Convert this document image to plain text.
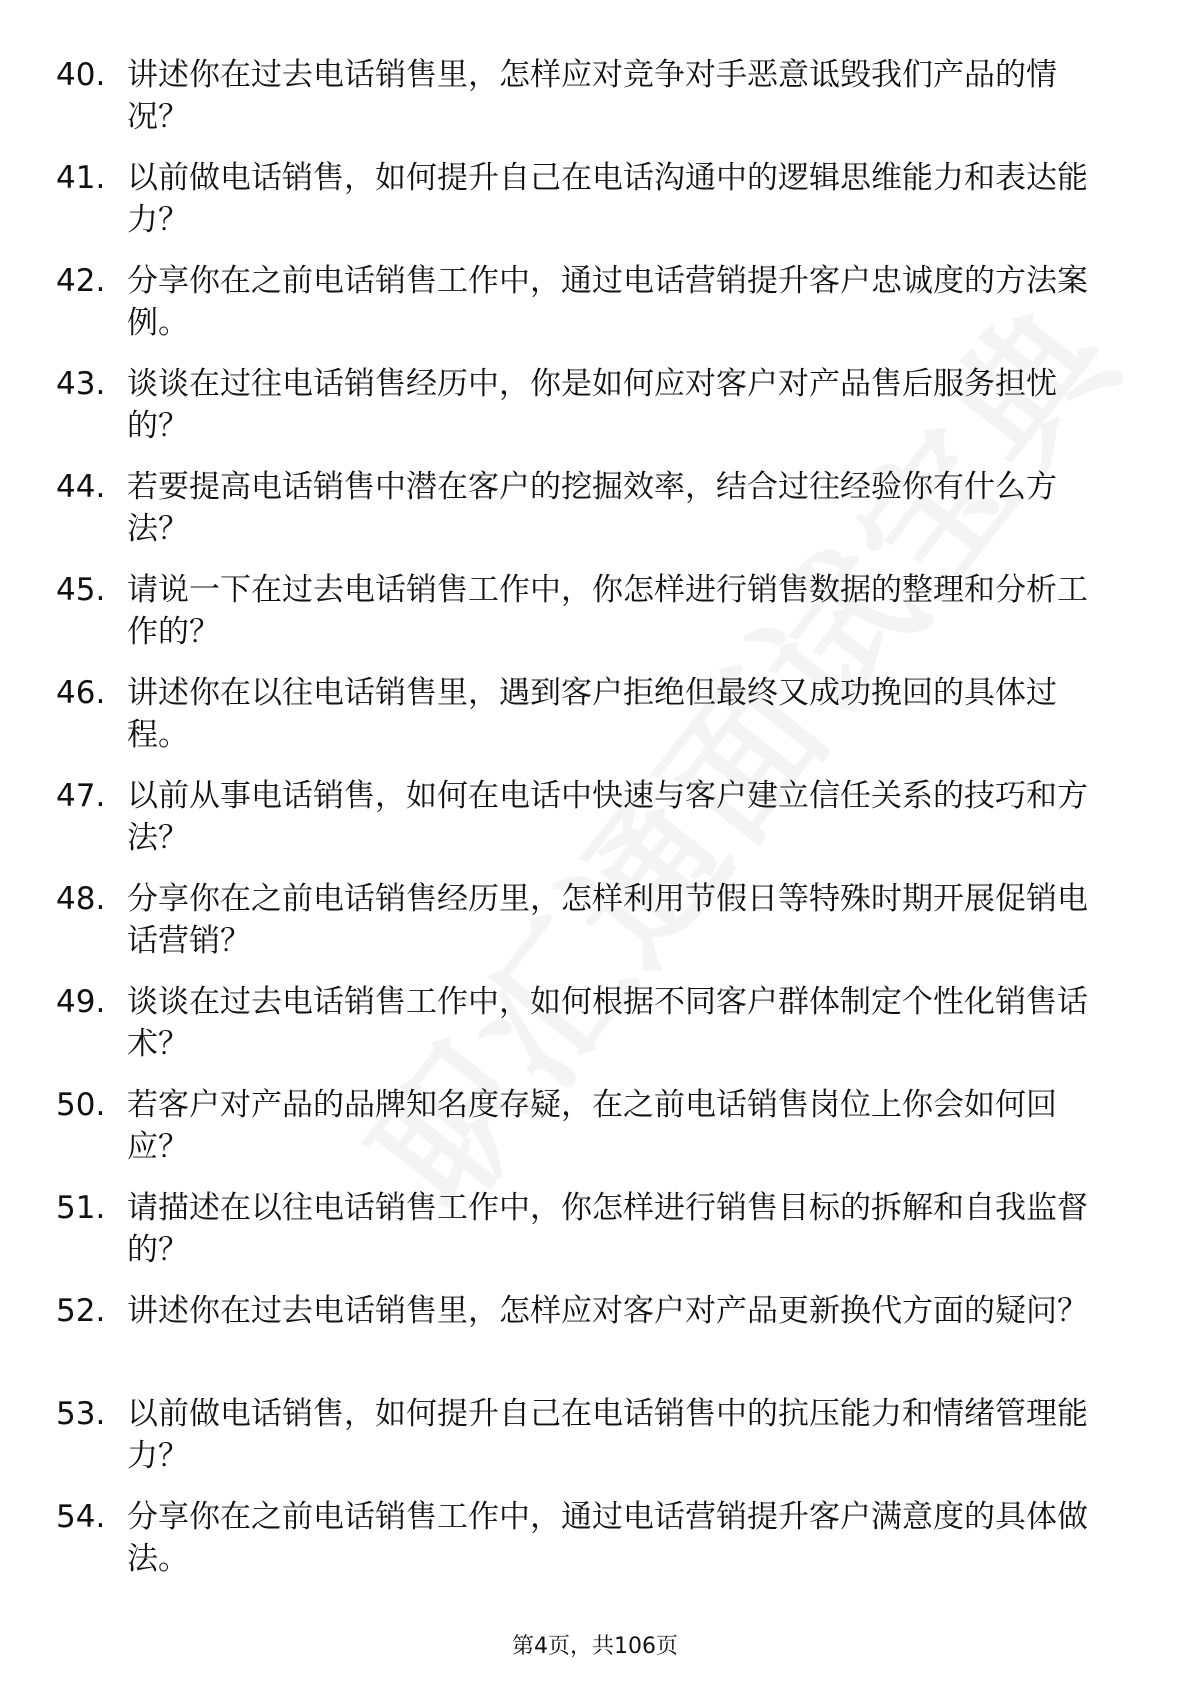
40. 讲述你在过去电话销售里，怎样应对竞争对手恶意诋毁我们产品的情况？
41. 以前做电话销售，如何提升自己在电话沟通中的逻辑思维能力和表达能力？
42. 分享你在之前电话销售工作中，通过电话营销提升客户忠诚度的方法案例。
43. 谈谈在过往电话销售经历中，你是如何应对客户对产品售后服务担忧的？
44. 若要提高电话销售中潜在客户的挖掘效率，结合过往经验你有什么方法？
45. 请说一下在过去电话销售工作中，你怎样进行销售数据的整理和分析工作的？
46. 讲述你在以往电话销售里，遇到客户拒绝但最终又成功挽回的具体过程。
47. 以前从事电话销售，如何在电话中快速与客户建立信任关系的技巧和方法？
48. 分享你在之前电话销售经历里，怎样利用节假日等特殊时期开展促销电话营销？
49. 谈谈在过去电话销售工作中，如何根据不同客户群体制定个性化销售话术？
50. 若客户对产品的品牌知名度存疑，在之前电话销售岗位上你会如何回应？
51. 请描述在以往电话销售工作中，你怎样进行销售目标的拆解和自我监督的？
52. 讲述你在过去电话销售里，怎样应对客户对产品更新换代方面的疑问？
53. 以前做电话销售，如何提升自己在电话销售中的抗压能力和情绪管理能力？
54. 分享你在之前电话销售工作中，通过电话营销提升客户满意度的具体做法。
第4页，共106页
